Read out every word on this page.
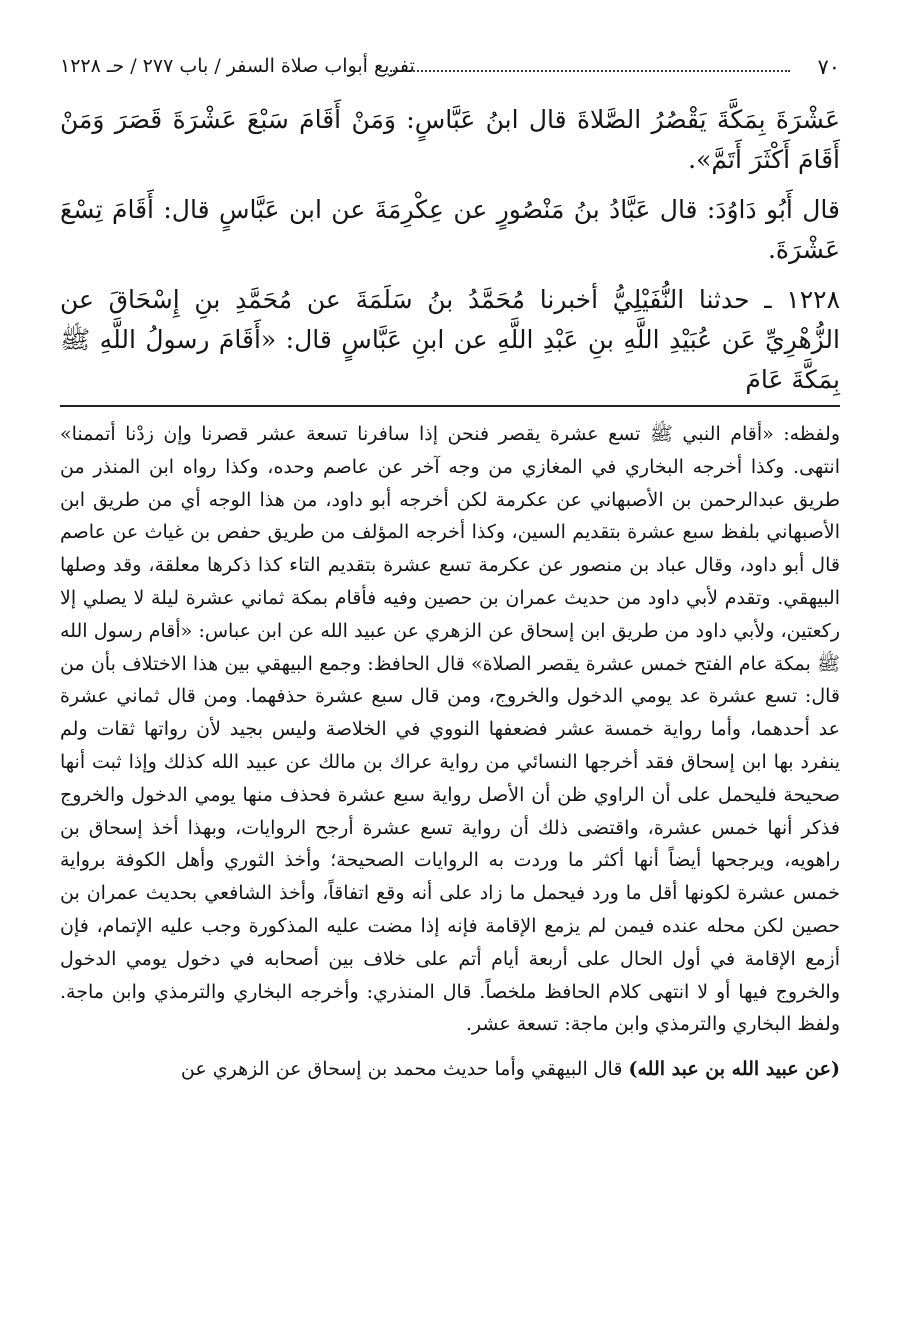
٧٠
تفريع أبواب صلاة السفر / باب ٢٧٧ / حـ ١٢٢٨

عَشْرَةَ بِمَكَّةَ يَقْصُرُ الصَّلاةَ قال ابنُ عَبَّاسٍ: وَمَنْ أَقَامَ سَبْعَ عَشْرَةَ قَصَرَ وَمَنْ أَقَامَ أَكْثَرَ أَتَمَّ».

قال أَبُو دَاوُدَ: قال عَبَّادُ بنُ مَنْصُورٍ عن عِكْرِمَةَ عن ابن عَبَّاسٍ قال: أَقَامَ تِسْعَ عَشْرَةَ.

١٢٢٨ ـ حدثنا النُّفَيْلِيُّ أخبرنا مُحَمَّدُ بنُ سَلَمَةَ عن مُحَمَّدِ بنِ إِسْحَاقَ عن الزُّهْرِيِّ عَن عُبَيْدِ اللَّهِ بنِ عَبْدِ اللَّهِ عن ابنِ عَبَّاسٍ قال: «أَقَامَ رسولُ اللَّهِ ﷺ بِمَكَّةَ عَامَ

ولفظه: «أقام النبي ﷺ تسع عشرة يقصر فنحن إذا سافرنا تسعة عشر قصرنا وإن زدْنا أتممنا» انتهى. وكذا أخرجه البخاري في المغازي من وجه آخر عن عاصم وحده، وكذا رواه ابن المنذر من طريق عبدالرحمن بن الأصبهاني عن عكرمة لكن أخرجه أبو داود، من هذا الوجه أي من طريق ابن الأصبهاني بلفظ سبع عشرة بتقديم السين، وكذا أخرجه المؤلف من طريق حفص بن غياث عن عاصم قال أبو داود، وقال عباد بن منصور عن عكرمة تسع عشرة بتقديم التاء كذا ذكرها معلقة، وقد وصلها البيهقي. وتقدم لأبي داود من حديث عمران بن حصين وفيه فأقام بمكة ثماني عشرة ليلة لا يصلي إلا ركعتين، ولأبي داود من طريق ابن إسحاق عن الزهري عن عبيد الله عن ابن عباس: «أقام رسول الله ﷺ بمكة عام الفتح خمس عشرة يقصر الصلاة» قال الحافظ: وجمع البيهقي بين هذا الاختلاف بأن من قال: تسع عشرة عد يومي الدخول والخروج، ومن قال سبع عشرة حذفهما. ومن قال ثماني عشرة عد أحدهما، وأما رواية خمسة عشر فضعفها النووي في الخلاصة وليس بجيد لأن رواتها ثقات ولم ينفرد بها ابن إسحاق فقد أخرجها النسائي من رواية عراك بن مالك عن عبيد الله كذلك وإذا ثبت أنها صحيحة فليحمل على أن الراوي ظن أن الأصل رواية سبع عشرة فحذف منها يومي الدخول والخروج فذكر أنها خمس عشرة، واقتضى ذلك أن رواية تسع عشرة أرجح الروايات، وبهذا أخذ إسحاق بن راهويه، ويرجحها أيضاً أنها أكثر ما وردت به الروايات الصحيحة؛ وأخذ الثوري وأهل الكوفة برواية خمس عشرة لكونها أقل ما ورد فيحمل ما زاد على أنه وقع اتفاقاً، وأخذ الشافعي بحديث عمران بن حصين لكن محله عنده فيمن لم يزمع الإقامة فإنه إذا مضت عليه المذكورة وجب عليه الإتمام، فإن أزمع الإقامة في أول الحال على أربعة أيام أتم على خلاف بين أصحابه في دخول يومي الدخول والخروج فيها أو لا انتهى كلام الحافظ ملخصاً. قال المنذري: وأخرجه البخاري والترمذي وابن ماجة. ولفظ البخاري والترمذي وابن ماجة: تسعة عشر.

(عن عبيد الله بن عبد الله) قال البيهقي وأما حديث محمد بن إسحاق عن الزهري عن
